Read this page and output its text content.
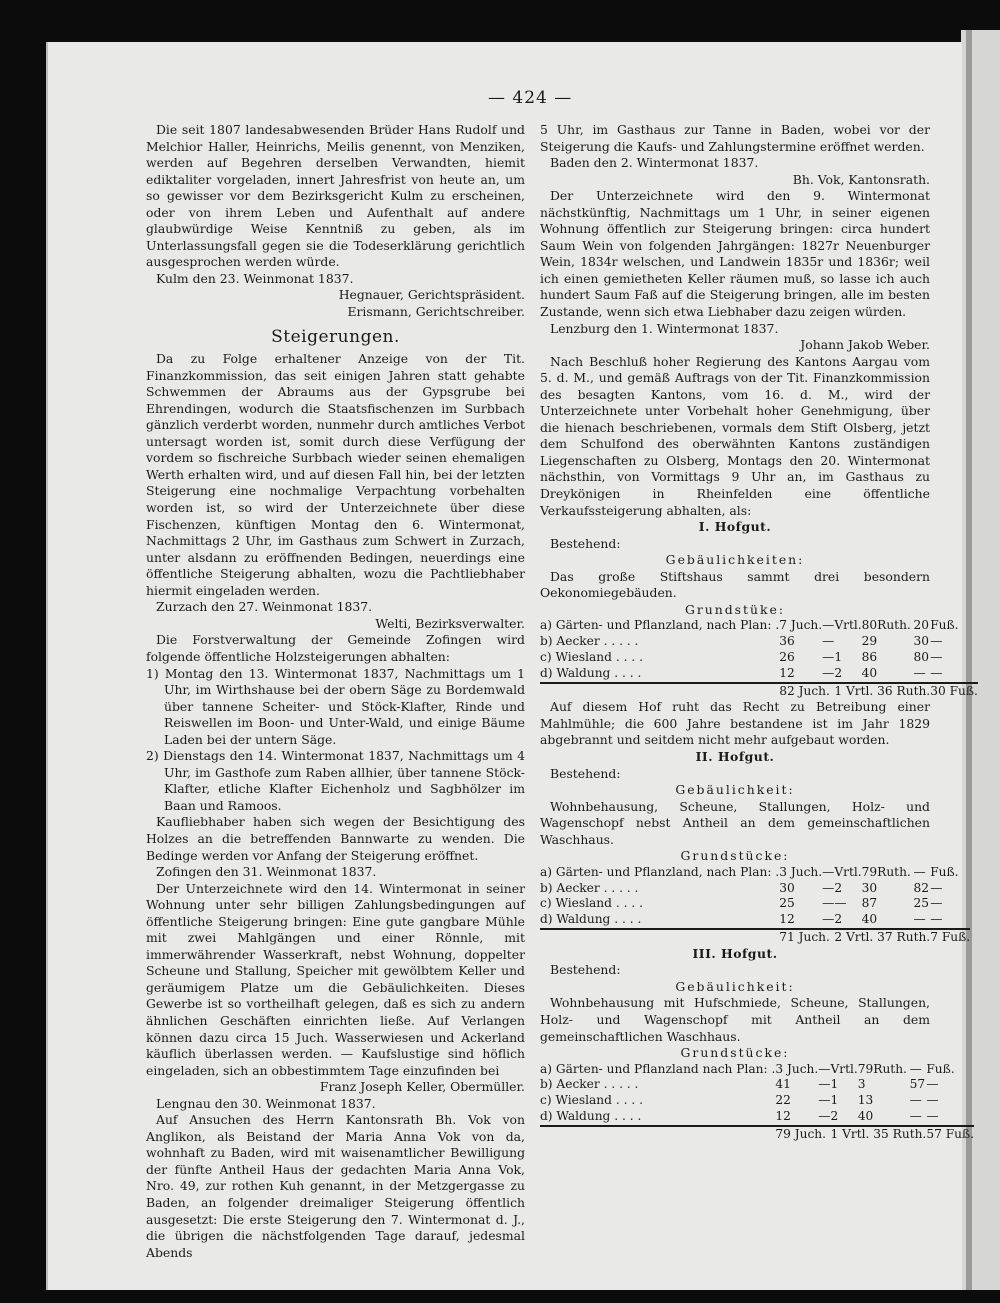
— 424 —

Die seit 1807 landesabwesenden Brüder Hans Rudolf und Melchior Haller, Heinrichs, Meilis genennt, von Menziken, werden auf Begehren derselben Verwandten, hiemit ediktaliter vorgeladen, innert Jahresfrist von heute an, um so gewisser vor dem Bezirksgericht Kulm zu erscheinen, oder von ihrem Leben und Aufenthalt auf andere glaubwürdige Weise Kenntniß zu geben, als im Unterlassungsfall gegen sie die Todeserklärung gerichtlich ausgesprochen werden würde.

Kulm den 23. Weinmonat 1837.

Hegnauer, Gerichtspräsident.

Erismann, Gerichtschreiber.

Steigerungen.

Da zu Folge erhaltener Anzeige von der Tit. Finanzkommission, das seit einigen Jahren statt gehabte Schwemmen der Abraums aus der Gypsgrube bei Ehrendingen, wodurch die Staatsfischenzen im Surbbach gänzlich verderbt worden, nunmehr durch amtliches Verbot untersagt worden ist, somit durch diese Verfügung der vordem so fischreiche Surbbach wieder seinen ehemaligen Werth erhalten wird, und auf diesen Fall hin, bei der letzten Steigerung eine nochmalige Verpachtung vorbehalten worden ist, so wird der Unterzeichnete über diese Fischenzen, künftigen Montag den 6. Wintermonat, Nachmittags 2 Uhr, im Gasthaus zum Schwert in Zurzach, unter alsdann zu eröffnenden Bedingen, neuerdings eine öffentliche Steigerung abhalten, wozu die Pachtliebhaber hiermit eingeladen werden.

Zurzach den 27. Weinmonat 1837.

Welti, Bezirksverwalter.

Die Forstverwaltung der Gemeinde Zofingen wird folgende öffentliche Holzsteigerungen abhalten:

1) Montag den 13. Wintermonat 1837, Nachmittags um 1 Uhr, im Wirthshause bei der obern Säge zu Bordemwald über tannene Scheiter- und Stöck-Klafter, Rinde und Reiswellen im Boon- und Unter-Wald, und einige Bäume Laden bei der untern Säge.

2) Dienstags den 14. Wintermonat 1837, Nachmittags um 4 Uhr, im Gasthofe zum Raben allhier, über tannene Stöck-Klafter, etliche Klafter Eichenholz und Sagbhölzer im Baan und Ramoos.

Kaufliebhaber haben sich wegen der Besichtigung des Holzes an die betreffenden Bannwarte zu wenden. Die Bedinge werden vor Anfang der Steigerung eröffnet.

Zofingen den 31. Weinmonat 1837.

Der Unterzeichnete wird den 14. Wintermonat in seiner Wohnung unter sehr billigen Zahlungsbedingungen auf öffentliche Steigerung bringen: Eine gute gangbare Mühle mit zwei Mahlgängen und einer Rönnle, mit immerwährender Wasserkraft, nebst Wohnung, doppelter Scheune und Stallung, Speicher mit gewölbtem Keller und geräumigem Platze um die Gebäulichkeiten. Dieses Gewerbe ist so vortheilhaft gelegen, daß es sich zu andern ähnlichen Geschäften einrichten ließe. Auf Verlangen können dazu circa 15 Juch. Wasserwiesen und Ackerland käuflich überlassen werden. — Kaufslustige sind höflich eingeladen, sich an obbestimmtem Tage einzufinden bei

Franz Joseph Keller, Obermüller.

Lengnau den 30. Weinmonat 1837.

Auf Ansuchen des Herrn Kantonsrath Bh. Vok von Anglikon, als Beistand der Maria Anna Vok von da, wohnhaft zu Baden, wird mit waisenamtlicher Bewilligung der fünfte Antheil Haus der gedachten Maria Anna Vok, Nro. 49, zur rothen Kuh genannt, in der Metzgergasse zu Baden, an folgender dreimaliger Steigerung öffentlich ausgesetzt: Die erste Steigerung den 7. Wintermonat d. J., die übrigen die nächstfolgenden Tage darauf, jedesmal Abends

5 Uhr, im Gasthaus zur Tanne in Baden, wobei vor der Steigerung die Kaufs- und Zahlungstermine eröffnet werden.

Baden den 2. Wintermonat 1837.

Bh. Vok, Kantonsrath.

Der Unterzeichnete wird den 9. Wintermonat nächstkünftig, Nachmittags um 1 Uhr, in seiner eigenen Wohnung öffentlich zur Steigerung bringen: circa hundert Saum Wein von folgenden Jahrgängen: 1827r Neuenburger Wein, 1834r welschen, und Landwein 1835r und 1836r; weil ich einen gemietheten Keller räumen muß, so lasse ich auch hundert Saum Faß auf die Steigerung bringen, alle im besten Zustande, wenn sich etwa Liebhaber dazu zeigen würden.

Lenzburg den 1. Wintermonat 1837.

Johann Jakob Weber.

Nach Beschluß hoher Regierung des Kantons Aargau vom 5. d. M., und gemäß Auftrags von der Tit. Finanzkommission des besagten Kantons, vom 16. d. M., wird der Unterzeichnete unter Vorbehalt hoher Genehmigung, über die hienach beschriebenen, vormals dem Stift Olsberg, jetzt dem Schulfond des oberwähnten Kantons zuständigen Liegenschaften zu Olsberg, Montags den 20. Wintermonat nächsthin, von Vormittags 9 Uhr an, im Gasthaus zu Dreykönigen in Rheinfelden eine öffentliche Verkaufssteigerung abhalten, als:

I. Hofgut.

Bestehend:

Gebäulichkeiten:

Das große Stiftshaus sammt drei besondern Oekonomiegebäuden.

Grundstüke:

a) Gärten- und Pflanzland, nach Plan: .	7 Juch.	—	Vrtl.	80	Ruth.	20	Fuß.
b) Aecker . . . . .	36	—		29		30	—
c) Wiesland . . . .	26	—	1	86		80	—
d) Waldung . . . .	12	—	2	40		—	—
	82 Juch.		1 Vrtl.		36 Ruth.		30 Fuß.

Auf diesem Hof ruht das Recht zu Betreibung einer Mahlmühle; die 600 Jahre bestandene ist im Jahr 1829 abgebrannt und seitdem nicht mehr aufgebaut worden.

II. Hofgut.

Bestehend:

Gebäulichkeit:

Wohnbehausung, Scheune, Stallungen, Holz- und Wagenschopf nebst Antheil an dem gemeinschaftlichen Waschhaus.

Grundstücke:

a) Gärten- und Pflanzland, nach Plan: .	3 Juch.	—	Vrtl.	79	Ruth.	—	Fuß.
b) Aecker . . . . .	30	—	2	30		82	—
c) Wiesland . . . .	25	—	—	87		25	—
d) Waldung . . . .	12	—	2	40		—	—
	71 Juch.		2 Vrtl.		37 Ruth.		7 Fuß.

III. Hofgut.

Bestehend:

Gebäulichkeit:

Wohnbehausung mit Hufschmiede, Scheune, Stallungen, Holz- und Wagenschopf mit Antheil an dem gemeinschaftlichen Waschhaus.

Grundstücke:

a) Gärten- und Pflanzland nach Plan: .	3 Juch.	—	Vrtl.	79	Ruth.	—	Fuß.
b) Aecker . . . . .	41	—	1	3		57	—
c) Wiesland . . . .	22	—	1	13		—	—
d) Waldung . . . .	12	—	2	40		—	—
	79 Juch.		1 Vrtl.		35 Ruth.		57 Fuß.
